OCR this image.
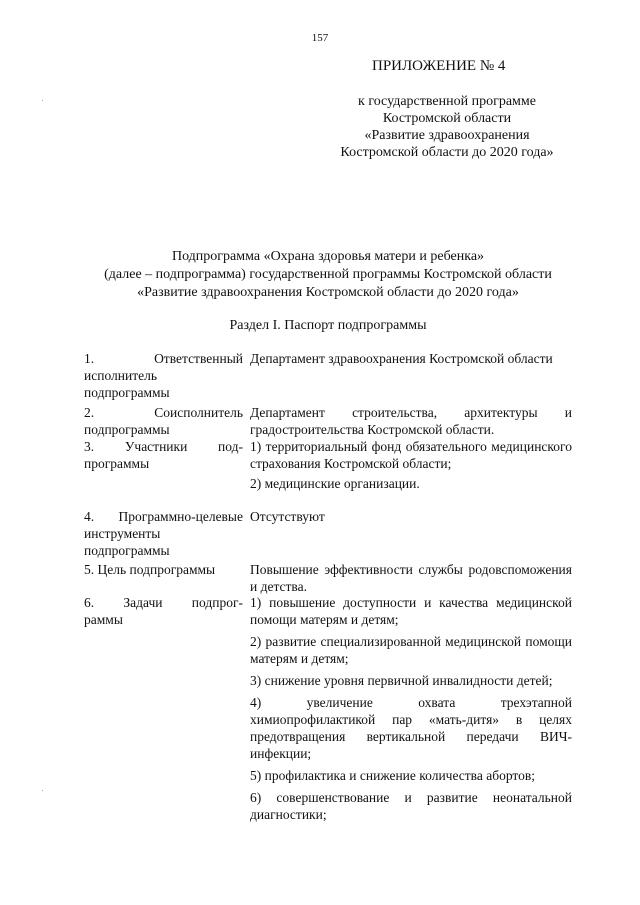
157
ПРИЛОЖЕНИЕ № 4
к государственной программе
Костромской области
«Развитие здравоохранения
Костромской области до 2020 года»
Подпрограмма «Охрана здоровья матери и ребенка»
(далее – подпрограмма) государственной программы Костромской области
«Развитие здравоохранения Костромской области до 2020 года»
Раздел I. Паспорт подпрограммы
1. Ответственный исполнитель подпрограммы
Департамент здравоохранения Костромской области
2. Соисполнитель подпрограммы
Департамент строительства, архитектуры и градостроительства Костромской области.
3. Участники под-
программы

1) территориальный фонд обязательного медицинского страхования Костромской области;

2) медицинские организации.

4. Программно-целевые инструменты подпрограммы
Отсутствуют
5. Цель подпрограммы	Повышение эффективности службы родовспоможения и детства.
6. Задачи подпрог-
раммы
1) повышение доступности и качества медицинской помощи матерям и детям;
2) развитие специализированной медицинской помощи матерям и детям;
3) снижение уровня первичной инвалидности детей;
4) увеличение охвата трехэтапной химиопрофилактикой пар «мать-дитя» в целях предотвращения вертикальной передачи ВИЧ-инфекции;
5) профилактика и снижение количества абортов;
6) совершенствование и развитие неонатальной диагностики;
